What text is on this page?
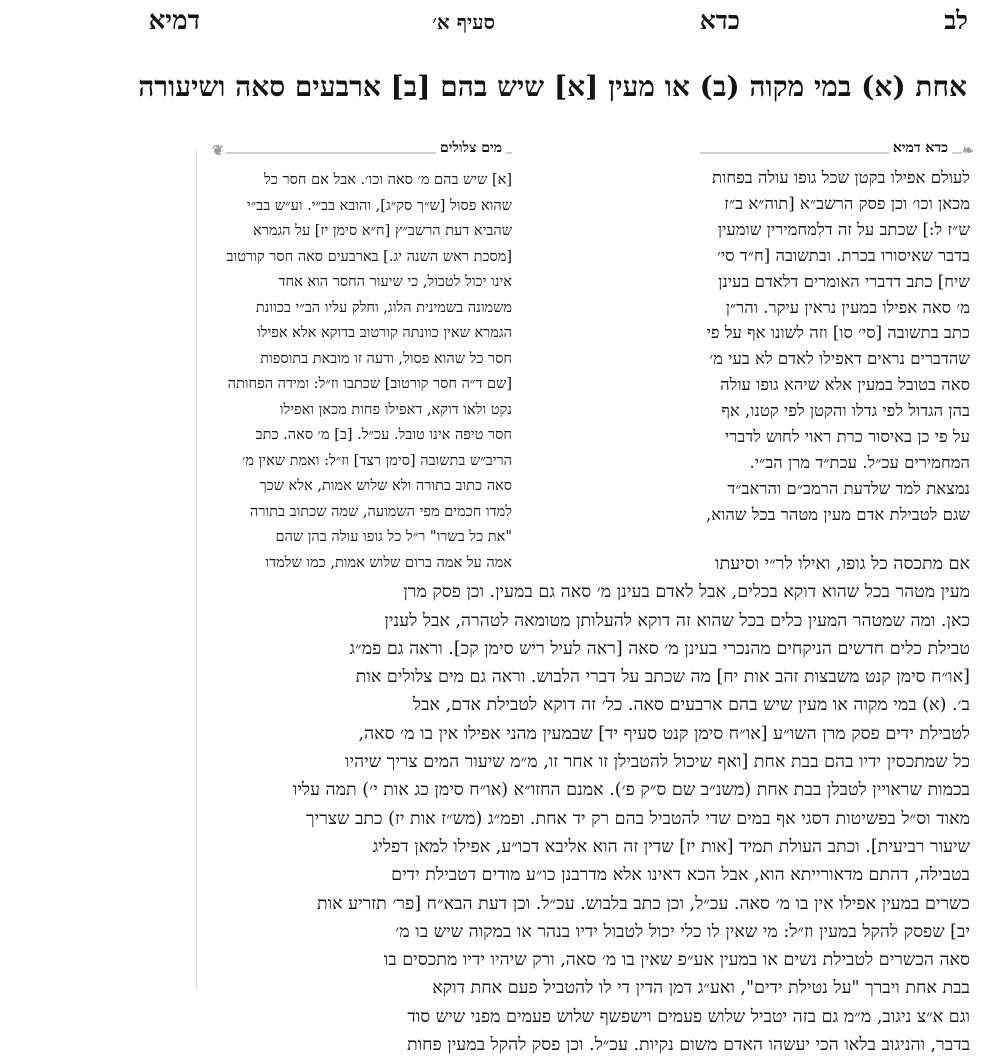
לב
כדא
סעיף א׳
דמיא
אחת (א) במי מקוה (ב) או מעין [א] שיש בהם [ב] ארבעים סאה ושיעורה
❧
כדא דמיא
❦	מים צלולים

לעולם אפילו בקטן שכל גופו עולה בפחות

מכאן וכו׳ וכן פסק הרשב״א [תוה״א ב״ז

ש״ז ל:] שכתב על זה דלמחמירין שומעין

בדבר שאיסורו בכרת. ובתשובה [ח״ד סי׳

שיח] כתב דדברי האומרים דלאדם בעינן

מ׳ סאה אפילו במעין נראין עיקר. והר״ן

כתב בתשובה [סי׳ סו] וזה לשונו אף על פי

שהדברים נראים דאפילו לאדם לא בעי מ׳

סאה בטובל במעין אלא שיהא גופו עולה

בהן הגדול לפי גדלו והקטן לפי קטנו, אף

על פי כן באיסור כרת ראוי לחוש לדברי

המחמירים עכ״ל. עכת״ד מרן הב״י.

נמצאת למד שלדעת הרמב״ם והראב״ד

שגם לטבילת אדם מעין מטהר בכל שהוא,

[א] שיש בהם מ׳ סאה וכו׳. אבל אם חסר כל

שהוא פסול [ש״ך סק״ג], והובא בב״י. וע״ש בב״י

שהביא דעת הרשב״ץ [ח״א סימן יז] על הגמרא

[מסכת ראש השנה יג.] בארבעים סאה חסר קורטוב

אינו יכול לטבול, כי שיעור החסר הוא אחד

משמונה בשמינית הלוג, וחלק עליו הב״י בכוונת

הגמרא שאין כוונתה קורטוב בדוקא אלא אפילו

חסר כל שהוא פסול, ודעה זו מובאת בתוספות

[שם ד״ה חסר קורטוב] שכתבו וז״ל: ומידה הפחותה

נקט ולאו דוקא, דאפילו פחות מכאן ואפילו

חסר טיפה אינו טובל. עכ״ל. [ב] מ׳ סאה. כתב

הריב״ש בתשובה [סימן רצד] וז״ל: ואמת שאין מ׳

סאה כתוב בתורה ולא שלוש אמות, אלא שכך

למדו חכמים מפי השמועה, שמה שכתוב בתורה

"את כל בשרו" ר״ל כל גופו עולה בהן שהם

אמה על אמה ברום שלוש אמות, כמו שלמדו	אם מתכסה כל גופו, ואילו לר״י וסיעתו

מעין מטהר בכל שהוא דוקא בכלים, אבל לאדם בעינן מ׳ סאה גם במעין. וכן פסק מרן

כאן. ומה שמטהר המעין כלים בכל שהוא זה דוקא להעלותן מטומאה לטהרה, אבל לענין

טבילת כלים חדשים הניקחים מהנכרי בעינן מ׳ סאה [ראה לעיל ריש סימן קכ]. וראה גם פמ״ג

[או״ח סימן קנט משבצות זהב אות יח] מה שכתב על דברי הלבוש. וראה גם מים צלולים אות

ב׳. (א) במי מקוה או מעין שיש בהם ארבעים סאה. כל׳ זה דוקא לטבילת אדם, אבל

לטבילת ידים פסק מרן השו״ע [או״ח סימן קנט סעיף יד] שבמעין מהני אפילו אין בו מ׳ סאה,

כל שמתכסין ידיו בהם בבת אחת [ואף שיכול להטבילן זו אחר זו, מ״מ שיעור המים צריך שיהיו

בכמות שראויין לטבלן בבת אחת (משנ״ב שם ס״ק פ׳). אמנם החזו״א (או״ח סימן כג אות י׳) תמה עליו

מאוד וס״ל בפשיטות דסגי אף במים שדי להטביל בהם רק יד אחת. ופמ״ג (מש״ז אות יז) כתב שצריך

שיעור רביעית]. וכתב העולת תמיד [אות יז] שדין זה הוא אליבא דכו״ע, אפילו למאן דפליג

בטבילה, דהתם מדאורייתא הוא, אבל הכא דאינו אלא מדרבנן כו״ע מודים דטבילת ידים

כשרים במעין אפילו אין בו מ׳ סאה. עכ״ל, וכן כתב בלבוש. עכ״ל. וכן דעת הבא״ח [פר׳ תזריע אות

יב] שפסק להקל במעין וז״ל: מי שאין לו כלי יכול לטבול ידיו בנהר או במקוה שיש בו מ׳

סאה הכשרים לטבילת נשים או במעין אע״פ שאין בו מ׳ סאה, ורק שיהיו ידיו מתכסים בו

בבת אחת ויברך "על נטילת ידים", ואע״ג דמן הדין די לו להטביל פעם אחת דוקא

וגם א״צ ניגוב, מ״מ גם בזה יטביל שלוש פעמים וישפשף שלוש פעמים מפני שיש סוד

בדבר, והניגוב בלאו הכי יעשהו האדם משום נקיות. עכ״ל. וכן פסק להקל במעין פחות
